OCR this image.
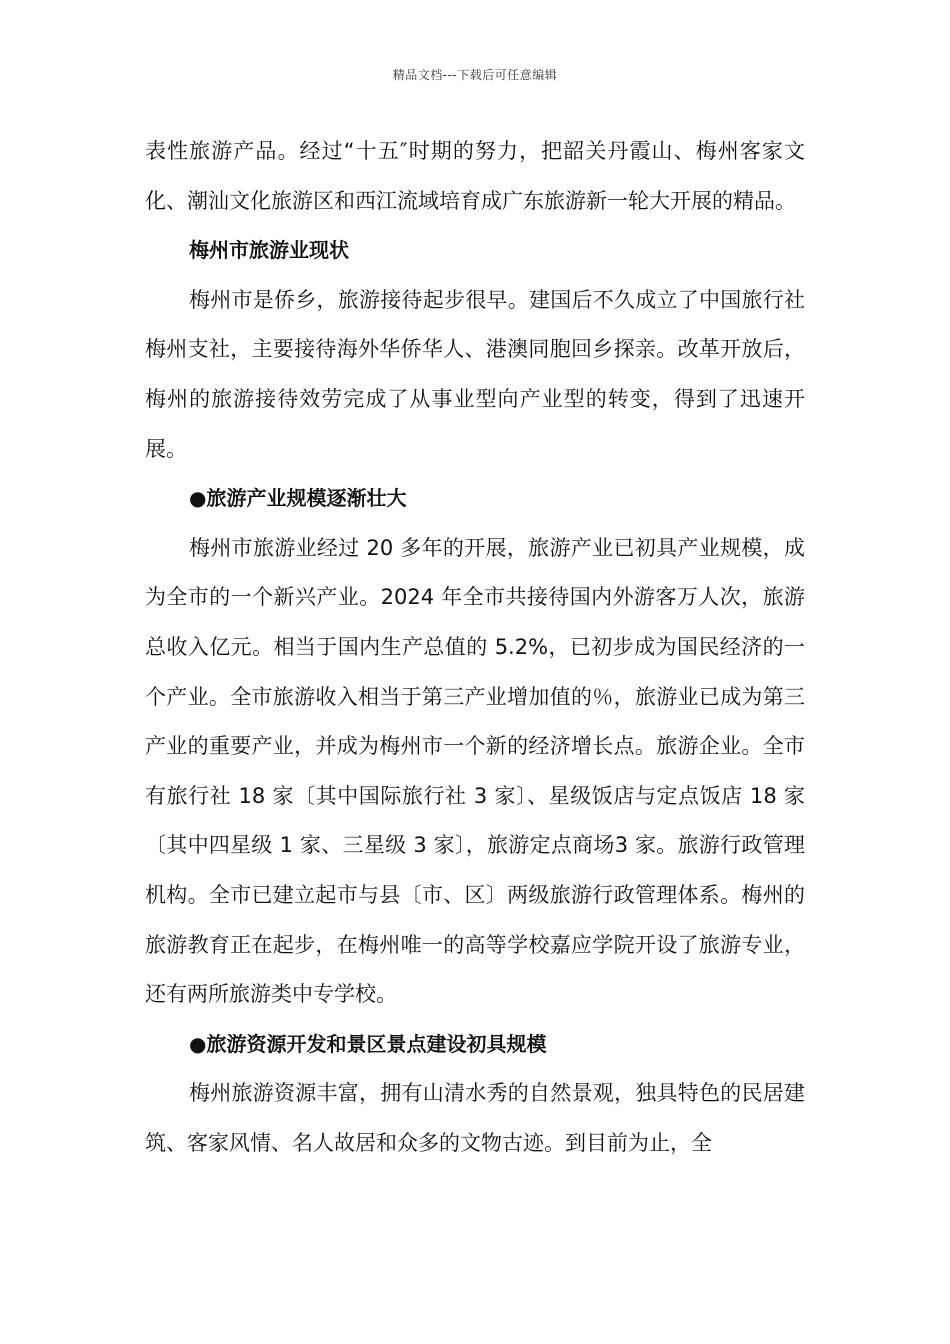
精品文档---下载后可任意编辑

表性旅游产品。经过“十五″时期的努力，把韶关丹霞山、梅州客家文化、潮汕文化旅游区和西江流域培育成广东旅游新一轮大开展的精品。

梅州市旅游业现状

梅州市是侨乡，旅游接待起步很早。建国后不久成立了中国旅行社梅州支社，主要接待海外华侨华人、港澳同胞回乡探亲。改革开放后，梅州的旅游接待效劳完成了从事业型向产业型的转变，得到了迅速开展。

●旅游产业规模逐渐壮大

梅州市旅游业经过 20 多年的开展，旅游产业已初具产业规模，成为全市的一个新兴产业。2024 年全市共接待国内外游客万人次，旅游总收入亿元。相当于国内生产总值的 5.2%，已初步成为国民经济的一个产业。全市旅游收入相当于第三产业增加值的％，旅游业已成为第三产业的重要产业，并成为梅州市一个新的经济增长点。旅游企业。全市有旅行社 18 家〔其中国际旅行社 3 家〕、星级饭店与定点饭店 18 家〔其中四星级 1 家、三星级 3 家〕，旅游定点商场3 家。旅游行政管理机构。全市已建立起市与县〔市、区〕两级旅游行政管理体系。梅州的旅游教育正在起步，在梅州唯一的高等学校嘉应学院开设了旅游专业，还有两所旅游类中专学校。

●旅游资源开发和景区景点建设初具规模

梅州旅游资源丰富，拥有山清水秀的自然景观，独具特色的民居建筑、客家风情、名人故居和众多的文物古迹。到目前为止，全
